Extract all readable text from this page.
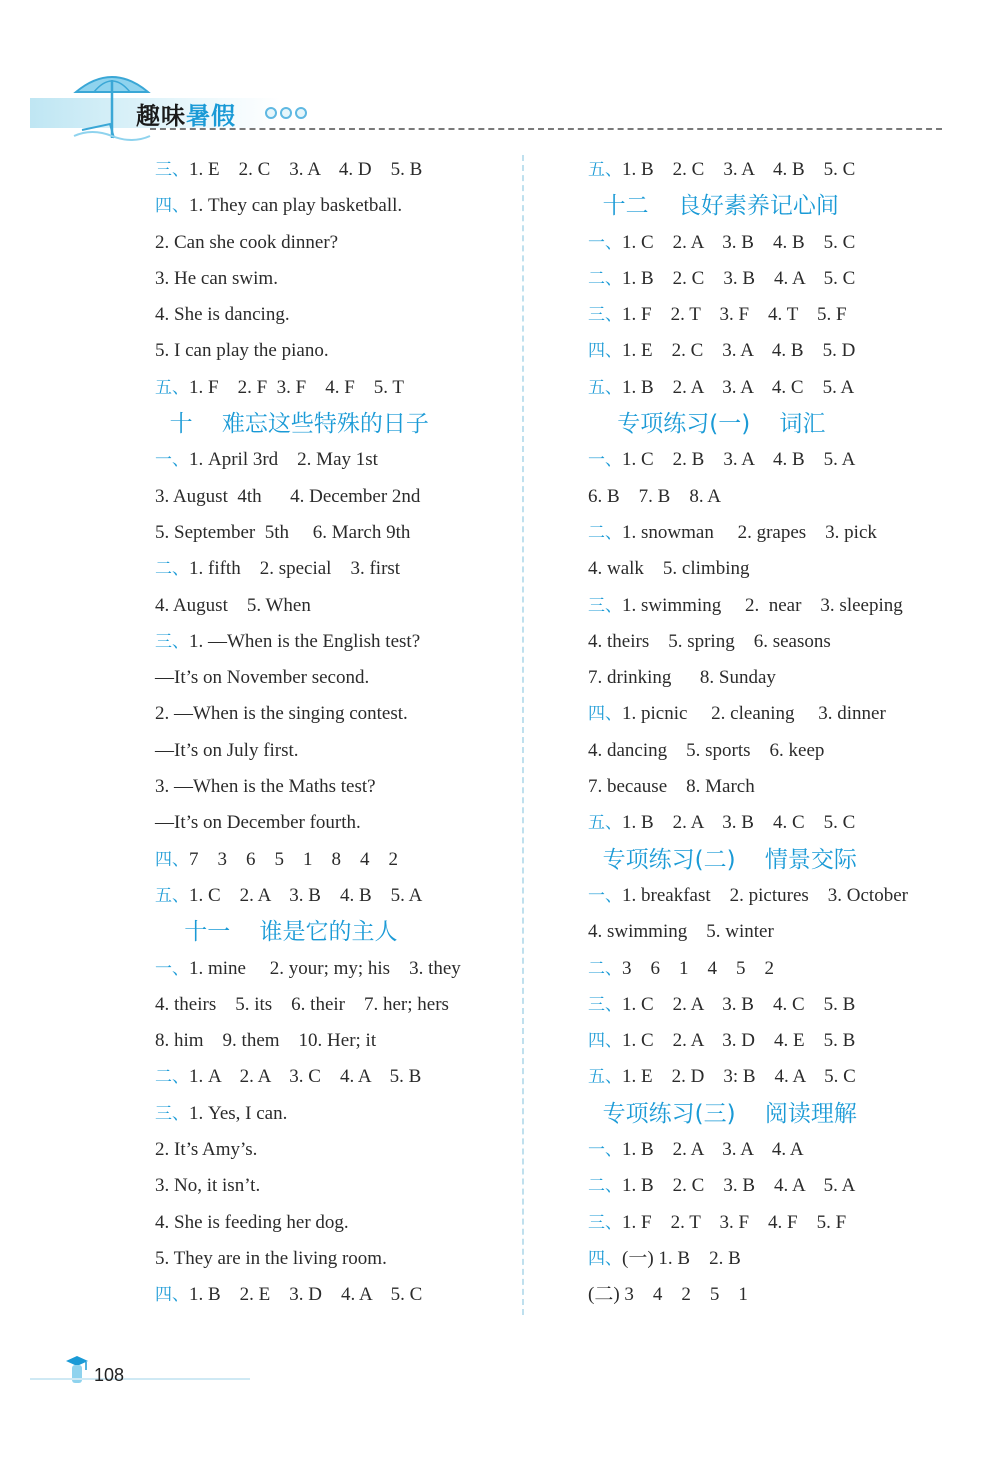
趣味暑假
三、1. E    2. C    3. A    4. D    5. B
四、1. They can play basketball.
2. Can she cook dinner?
3. He can swim.
4. She is dancing.
5. I can play the piano.
五、1. F    2. F  3. F    4. F    5. T
十    难忘这些特殊的日子
一、1. April 3rd    2. May 1st
3. August  4th      4. December 2nd
5. September  5th     6. March 9th
二、1. fifth    2. special    3. first
4. August    5. When
三、1. —When is the English test?
—It’s on November second.
2. —When is the singing contest.
—It’s on July first.
3. —When is the Maths test?
—It’s on December fourth.
四、7    3    6    5    1    8    4    2
五、1. C    2. A    3. B    4. B    5. A
十一    谁是它的主人
一、1. mine     2. your; my; his    3. they
4. theirs    5. its    6. their    7. her; hers
8. him    9. them    10. Her; it
二、1. A    2. A    3. C    4. A    5. B
三、1. Yes, I can.
2. It’s Amy’s.
3. No, it isn’t.
4. She is feeding her dog.
5. They are in the living room.
四、1. B    2. E    3. D    4. A    5. C
五、1. B    2. C    3. A    4. B    5. C
十二    良好素养记心间
一、1. C    2. A    3. B    4. B    5. C
二、1. B    2. C    3. B    4. A    5. C
三、1. F    2. T    3. F    4. T    5. F
四、1. E    2. C    3. A    4. B    5. D
五、1. B    2. A    3. A    4. C    5. A
专项练习(一)    词汇
一、1. C    2. B    3. A    4. B    5. A
6. B    7. B    8. A
二、1. snowman     2. grapes    3. pick
4. walk    5. climbing
三、1. swimming     2.  near    3. sleeping
4. theirs    5. spring    6. seasons
7. drinking      8. Sunday
四、1. picnic     2. cleaning     3. dinner
4. dancing    5. sports    6. keep
7. because    8. March
五、1. B    2. A    3. B    4. C    5. C
专项练习(二)    情景交际
一、1. breakfast    2. pictures    3. October
4. swimming    5. winter
二、3    6    1    4    5    2
三、1. C    2. A    3. B    4. C    5. B
四、1. C    2. A    3. D    4. E    5. B
五、1. E    2. D    3: B    4. A    5. C
专项练习(三)    阅读理解
一、1. B    2. A    3. A    4. A
二、1. B    2. C    3. B    4. A    5. A
三、1. F    2. T    3. F    4. F    5. F
四、(一) 1. B    2. B
(二) 3    4    2    5    1
108
